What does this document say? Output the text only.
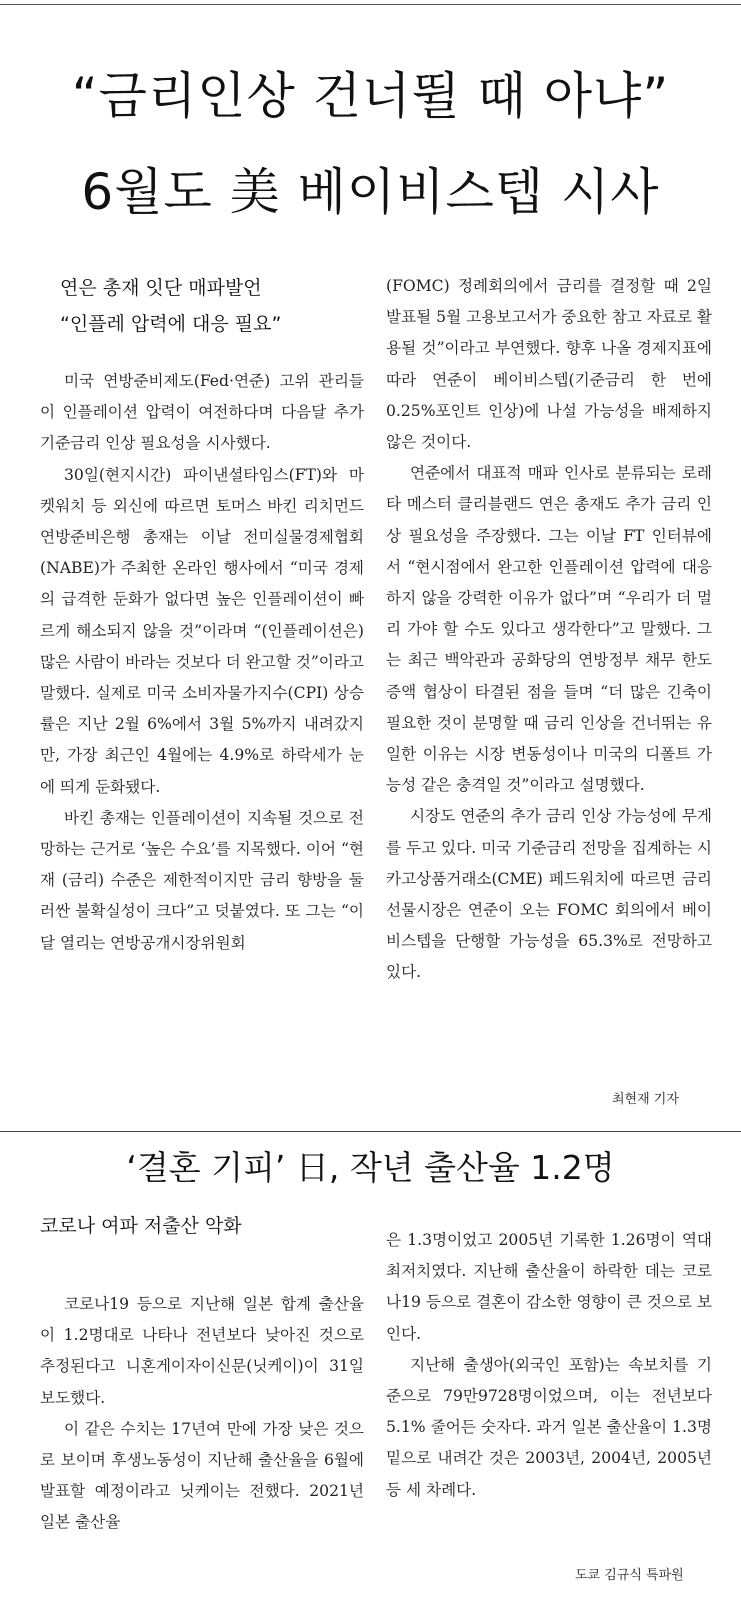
“금리인상 건너뛸 때 아냐”
6월도 美 베이비스텝 시사
연은 총재 잇단 매파발언
“인플레 압력에 대응 필요”

미국 연방준비제도(Fed·연준) 고위 관리들이 인플레이션 압력이 여전하다며 다음달 추가 기준금리 인상 필요성을 시사했다.

30일(현지시간) 파이낸셜타임스(FT)와 마켓워치 등 외신에 따르면 토머스 바킨 리치먼드 연방준비은행 총재는 이날 전미실물경제협회(NABE)가 주최한 온라인 행사에서 “미국 경제의 급격한 둔화가 없다면 높은 인플레이션이 빠르게 해소되지 않을 것”이라며 “(인플레이션은) 많은 사람이 바라는 것보다 더 완고할 것”이라고 말했다. 실제로 미국 소비자물가지수(CPI) 상승률은 지난 2월 6%에서 3월 5%까지 내려갔지만, 가장 최근인 4월에는 4.9%로 하락세가 눈에 띄게 둔화됐다.

바킨 총재는 인플레이션이 지속될 것으로 전망하는 근거로 ‘높은 수요’를 지목했다. 이어 “현재 (금리) 수준은 제한적이지만 금리 향방을 둘러싼 불확실성이 크다”고 덧붙였다. 또 그는 “이달 열리는 연방공개시장위원회

(FOMC) 정례회의에서 금리를 결정할 때 2일 발표될 5월 고용보고서가 중요한 참고 자료로 활용될 것”이라고 부연했다. 향후 나올 경제지표에 따라 연준이 베이비스텝(기준금리 한 번에 0.25%포인트 인상)에 나설 가능성을 배제하지 않은 것이다.

연준에서 대표적 매파 인사로 분류되는 로레타 메스터 클리블랜드 연은 총재도 추가 금리 인상 필요성을 주장했다. 그는 이날 FT 인터뷰에서 “현시점에서 완고한 인플레이션 압력에 대응하지 않을 강력한 이유가 없다”며 “우리가 더 멀리 가야 할 수도 있다고 생각한다”고 말했다. 그는 최근 백악관과 공화당의 연방정부 채무 한도 증액 협상이 타결된 점을 들며 “더 많은 긴축이 필요한 것이 분명할 때 금리 인상을 건너뛰는 유일한 이유는 시장 변동성이나 미국의 디폴트 가능성 같은 충격일 것”이라고 설명했다.

시장도 연준의 추가 금리 인상 가능성에 무게를 두고 있다. 미국 기준금리 전망을 집계하는 시카고상품거래소(CME) 페드워치에 따르면 금리 선물시장은 연준이 오는 FOMC 회의에서 베이비스텝을 단행할 가능성을 65.3%로 전망하고 있다.

최현재 기자
‘결혼 기피’ 日, 작년 출산율 1.2명
코로나 여파 저출산 악화

코로나19 등으로 지난해 일본 합계 출산율이 1.2명대로 나타나 전년보다 낮아진 것으로 추정된다고 니혼게이자이신문(닛케이)이 31일 보도했다.

이 같은 수치는 17년여 만에 가장 낮은 것으로 보이며 후생노동성이 지난해 출산율을 6월에 발표할 예정이라고 닛케이는 전했다. 2021년 일본 출산율

은 1.3명이었고 2005년 기록한 1.26명이 역대 최저치였다. 지난해 출산율이 하락한 데는 코로나19 등으로 결혼이 감소한 영향이 큰 것으로 보인다.

지난해 출생아(외국인 포함)는 속보치를 기준으로 79만9728명이었으며, 이는 전년보다 5.1% 줄어든 숫자다. 과거 일본 출산율이 1.3명 밑으로 내려간 것은 2003년, 2004년, 2005년 등 세 차례다.

도쿄 김규식 특파원
